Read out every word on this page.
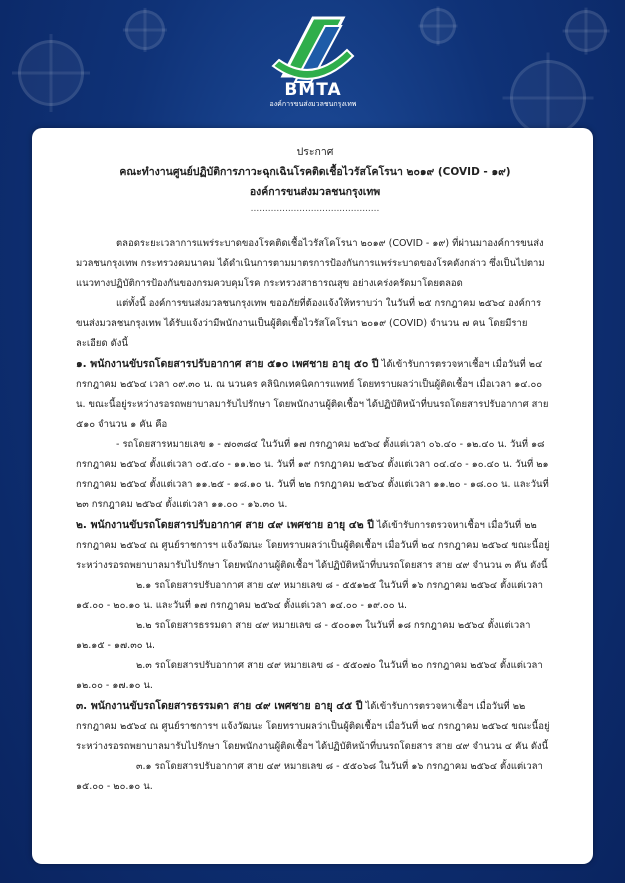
BMTA
องค์การขนส่งมวลชนกรุงเทพ
ประกาศ
คณะทำงานศูนย์ปฏิบัติการภาวะฉุกเฉินโรคติดเชื้อไวรัสโคโรนา ๒๐๑๙ (COVID - ๑๙)
องค์การขนส่งมวลชนกรุงเทพ
.............................................

ตลอดระยะเวลาการแพร่ระบาดของโรคติดเชื้อไวรัสโคโรนา ๒๐๑๙ (COVID - ๑๙) ที่ผ่านมาองค์การขนส่งมวลชนกรุงเทพ กระทรวงคมนาคม ได้ดำเนินการตามมาตรการป้องกันการแพร่ระบาดของโรคดังกล่าว ซึ่งเป็นไปตามแนวทางปฏิบัติการป้องกันของกรมควบคุมโรค กระทรวงสาธารณสุข อย่างเคร่งครัดมาโดยตลอด

แต่ทั้งนี้ องค์การขนส่งมวลชนกรุงเทพ ขออภัยที่ต้องแจ้งให้ทราบว่า ในวันที่ ๒๕ กรกฎาคม ๒๕๖๔ องค์การขนส่งมวลชนกรุงเทพ ได้รับแจ้งว่ามีพนักงานเป็นผู้ติดเชื้อไวรัสโคโรนา ๒๐๑๙ (COVID) จำนวน ๗ คน โดยมีรายละเอียด ดังนี้

๑. พนักงานขับรถโดยสารปรับอากาศ สาย ๕๑๐ เพศชาย อายุ ๕๐ ปี ได้เข้ารับการตรวจหาเชื้อฯ เมื่อวันที่ ๒๔ กรกฎาคม ๒๕๖๔ เวลา ๐๙.๓๐ น. ณ นวนคร คลินิกเทคนิคการแพทย์ โดยทราบผลว่าเป็นผู้ติดเชื้อฯ เมื่อเวลา ๑๔.๐๐ น. ขณะนี้อยู่ระหว่างรอรถพยาบาลมารับไปรักษา โดยพนักงานผู้ติดเชื้อฯ ได้ปฏิบัติหน้าที่บนรถโดยสารปรับอากาศ สาย ๕๑๐ จำนวน ๑ คัน คือ

- รถโดยสารหมายเลข ๑ - ๗๐๓๘๔ ในวันที่ ๑๗ กรกฎาคม ๒๕๖๔ ตั้งแต่เวลา ๐๖.๔๐ - ๑๒.๔๐ น. วันที่ ๑๘ กรกฎาคม ๒๕๖๔ ตั้งแต่เวลา ๐๕.๔๐ - ๑๑.๒๐ น. วันที่ ๑๙ กรกฎาคม ๒๕๖๔ ตั้งแต่เวลา ๐๔.๔๐ - ๑๐.๔๐ น. วันที่ ๒๑ กรกฎาคม ๒๕๖๔ ตั้งแต่เวลา ๑๑.๒๕ - ๑๘.๑๐ น. วันที่ ๒๒ กรกฎาคม ๒๕๖๔ ตั้งแต่เวลา ๑๑.๒๐ - ๑๘.๐๐ น. และวันที่ ๒๓ กรกฎาคม ๒๕๖๔ ตั้งแต่เวลา ๑๑.๐๐ - ๑๖.๓๐ น.

๒. พนักงานขับรถโดยสารปรับอากาศ สาย ๔๙ เพศชาย อายุ ๔๒ ปี ได้เข้ารับการตรวจหาเชื้อฯ เมื่อวันที่ ๒๒ กรกฎาคม ๒๕๖๔ ณ ศูนย์ราชการฯ แจ้งวัฒนะ โดยทราบผลว่าเป็นผู้ติดเชื้อฯ เมื่อวันที่ ๒๔ กรกฎาคม ๒๕๖๔ ขณะนี้อยู่ระหว่างรอรถพยาบาลมารับไปรักษา โดยพนักงานผู้ติดเชื้อฯ ได้ปฏิบัติหน้าที่บนรถโดยสาร สาย ๔๙ จำนวน ๓ คัน ดังนี้

๒.๑ รถโดยสารปรับอากาศ สาย ๔๙ หมายเลข ๘ - ๕๕๑๒๕ ในวันที่ ๑๖ กรกฎาคม ๒๕๖๔ ตั้งแต่เวลา ๑๕.๐๐ - ๒๐.๑๐ น. และวันที่ ๑๗ กรกฎาคม ๒๕๖๔ ตั้งแต่เวลา ๑๔.๐๐ - ๑๙.๐๐ น.

๒.๒ รถโดยสารธรรมดา สาย ๔๙ หมายเลข ๘ - ๕๐๐๑๓ ในวันที่ ๑๘ กรกฎาคม ๒๕๖๔ ตั้งแต่เวลา ๑๒.๑๕ - ๑๗.๓๐ น.

๒.๓ รถโดยสารปรับอากาศ สาย ๔๙ หมายเลข ๘ - ๕๕๐๗๐ ในวันที่ ๒๐ กรกฎาคม ๒๕๖๔ ตั้งแต่เวลา ๑๒.๐๐ - ๑๗.๑๐ น.

๓. พนักงานขับรถโดยสารธรรมดา สาย ๔๙ เพศชาย อายุ ๔๕ ปี ได้เข้ารับการตรวจหาเชื้อฯ เมื่อวันที่ ๒๒ กรกฎาคม ๒๕๖๔ ณ ศูนย์ราชการฯ แจ้งวัฒนะ โดยทราบผลว่าเป็นผู้ติดเชื้อฯ เมื่อวันที่ ๒๔ กรกฎาคม ๒๕๖๔ ขณะนี้อยู่ระหว่างรอรถพยาบาลมารับไปรักษา โดยพนักงานผู้ติดเชื้อฯ ได้ปฏิบัติหน้าที่บนรถโดยสาร สาย ๔๙ จำนวน ๔ คัน ดังนี้

๓.๑ รถโดยสารปรับอากาศ สาย ๔๙ หมายเลข ๘ - ๕๕๐๖๘ ในวันที่ ๑๖ กรกฎาคม ๒๕๖๔ ตั้งแต่เวลา ๑๕.๐๐ - ๒๐.๑๐ น.
